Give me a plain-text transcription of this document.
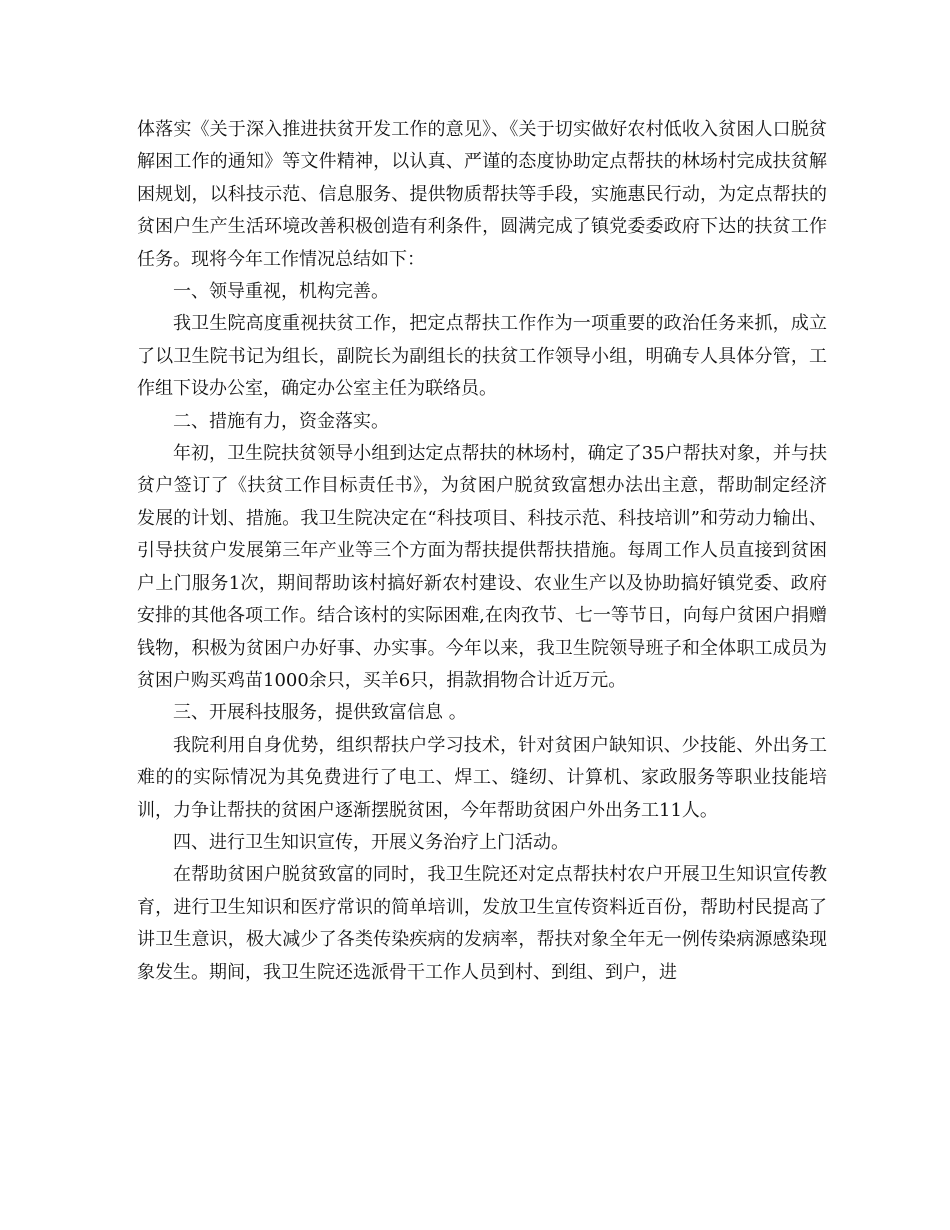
体落实《关于深入推进扶贫开发工作的意见》、《关于切实做好农村低收入贫困人口脱贫解困工作的通知》等文件精神，以认真、严谨的态度协助定点帮扶的林场村完成扶贫解困规划，以科技示范、信息服务、提供物质帮扶等手段，实施惠民行动，为定点帮扶的贫困户生产生活环境改善积极创造有利条件，圆满完成了镇党委委政府下达的扶贫工作任务。现将今年工作情况总结如下：

一、领导重视，机构完善。

我卫生院高度重视扶贫工作，把定点帮扶工作作为一项重要的政治任务来抓，成立了以卫生院书记为组长，副院长为副组长的扶贫工作领导小组，明确专人具体分管，工作组下设办公室，确定办公室主任为联络员。

二、措施有力，资金落实。

年初，卫生院扶贫领导小组到达定点帮扶的林场村，确定了35户帮扶对象，并与扶贫户签订了《扶贫工作目标责任书》，为贫困户脱贫致富想办法出主意，帮助制定经济发展的计划、措施。我卫生院决定在“科技项目、科技示范、科技培训”和劳动力输出、引导扶贫户发展第三年产业等三个方面为帮扶提供帮扶措施。每周工作人员直接到贫困户上门服务1次，期间帮助该村搞好新农村建设、农业生产以及协助搞好镇党委、政府安排的其他各项工作。结合该村的实际困难,在肉孜节、七一等节日，向每户贫困户捐赠钱物，积极为贫困户办好事、办实事。今年以来，我卫生院领导班子和全体职工成员为贫困户购买鸡苗1000余只，买羊6只，捐款捐物合计近万元。

三、开展科技服务，提供致富信息 。

我院利用自身优势，组织帮扶户学习技术，针对贫困户缺知识、少技能、外出务工难的的实际情况为其免费进行了电工、焊工、缝纫、计算机、家政服务等职业技能培训，力争让帮扶的贫困户逐渐摆脱贫困，今年帮助贫困户外出务工11人。

四、进行卫生知识宣传，开展义务治疗上门活动。

在帮助贫困户脱贫致富的同时，我卫生院还对定点帮扶村农户开展卫生知识宣传教育，进行卫生知识和医疗常识的简单培训，发放卫生宣传资料近百份，帮助村民提高了讲卫生意识，极大减少了各类传染疾病的发病率，帮扶对象全年无一例传染病源感染现象发生。期间，我卫生院还选派骨干工作人员到村、到组、到户，进
